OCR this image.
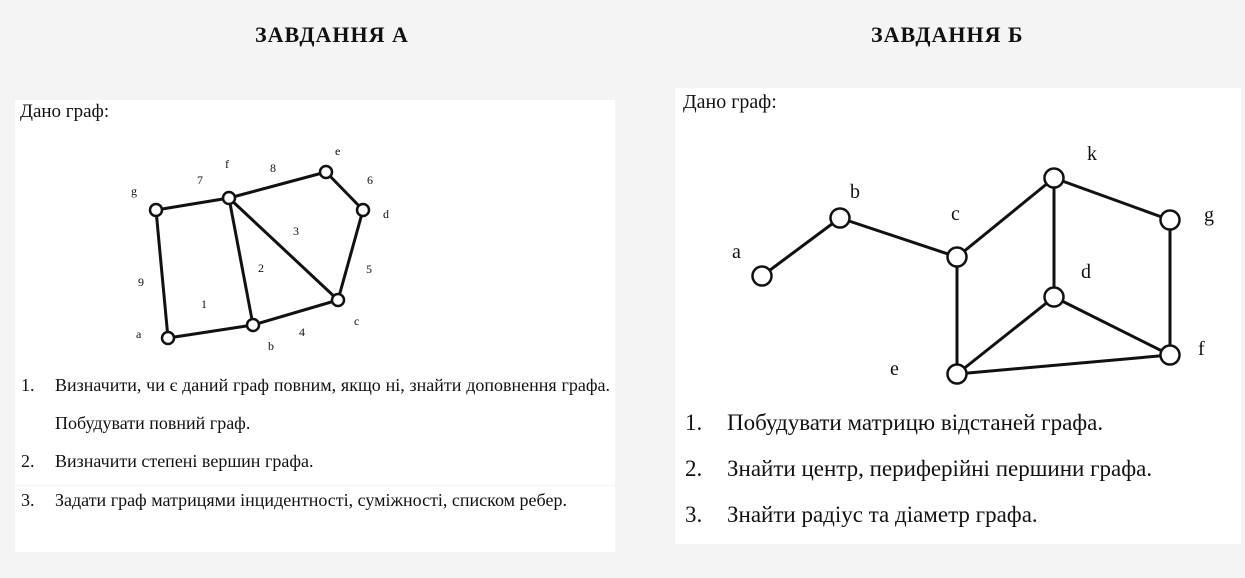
ЗАВДАННЯ А	ЗАВДАННЯ Б
Дано граф:
g
f
e
d
c
b
a
7
8
6
9
3
2	5
1
4
1. Визначити, чи є даний граф повним, якщо ні, знайти доповнення графа. Побудувати повний граф.
2. Визначити степені вершин графа.
3. Задати граф матрицями інцидентності, суміжності, списком ребер.
Дано граф:
a
b
c
k
g
d
e
f
1. Побудувати матрицю відстаней графа.
2. Знайти центр, периферійні першини графа.
3. Знайти радіус та діаметр графа.
